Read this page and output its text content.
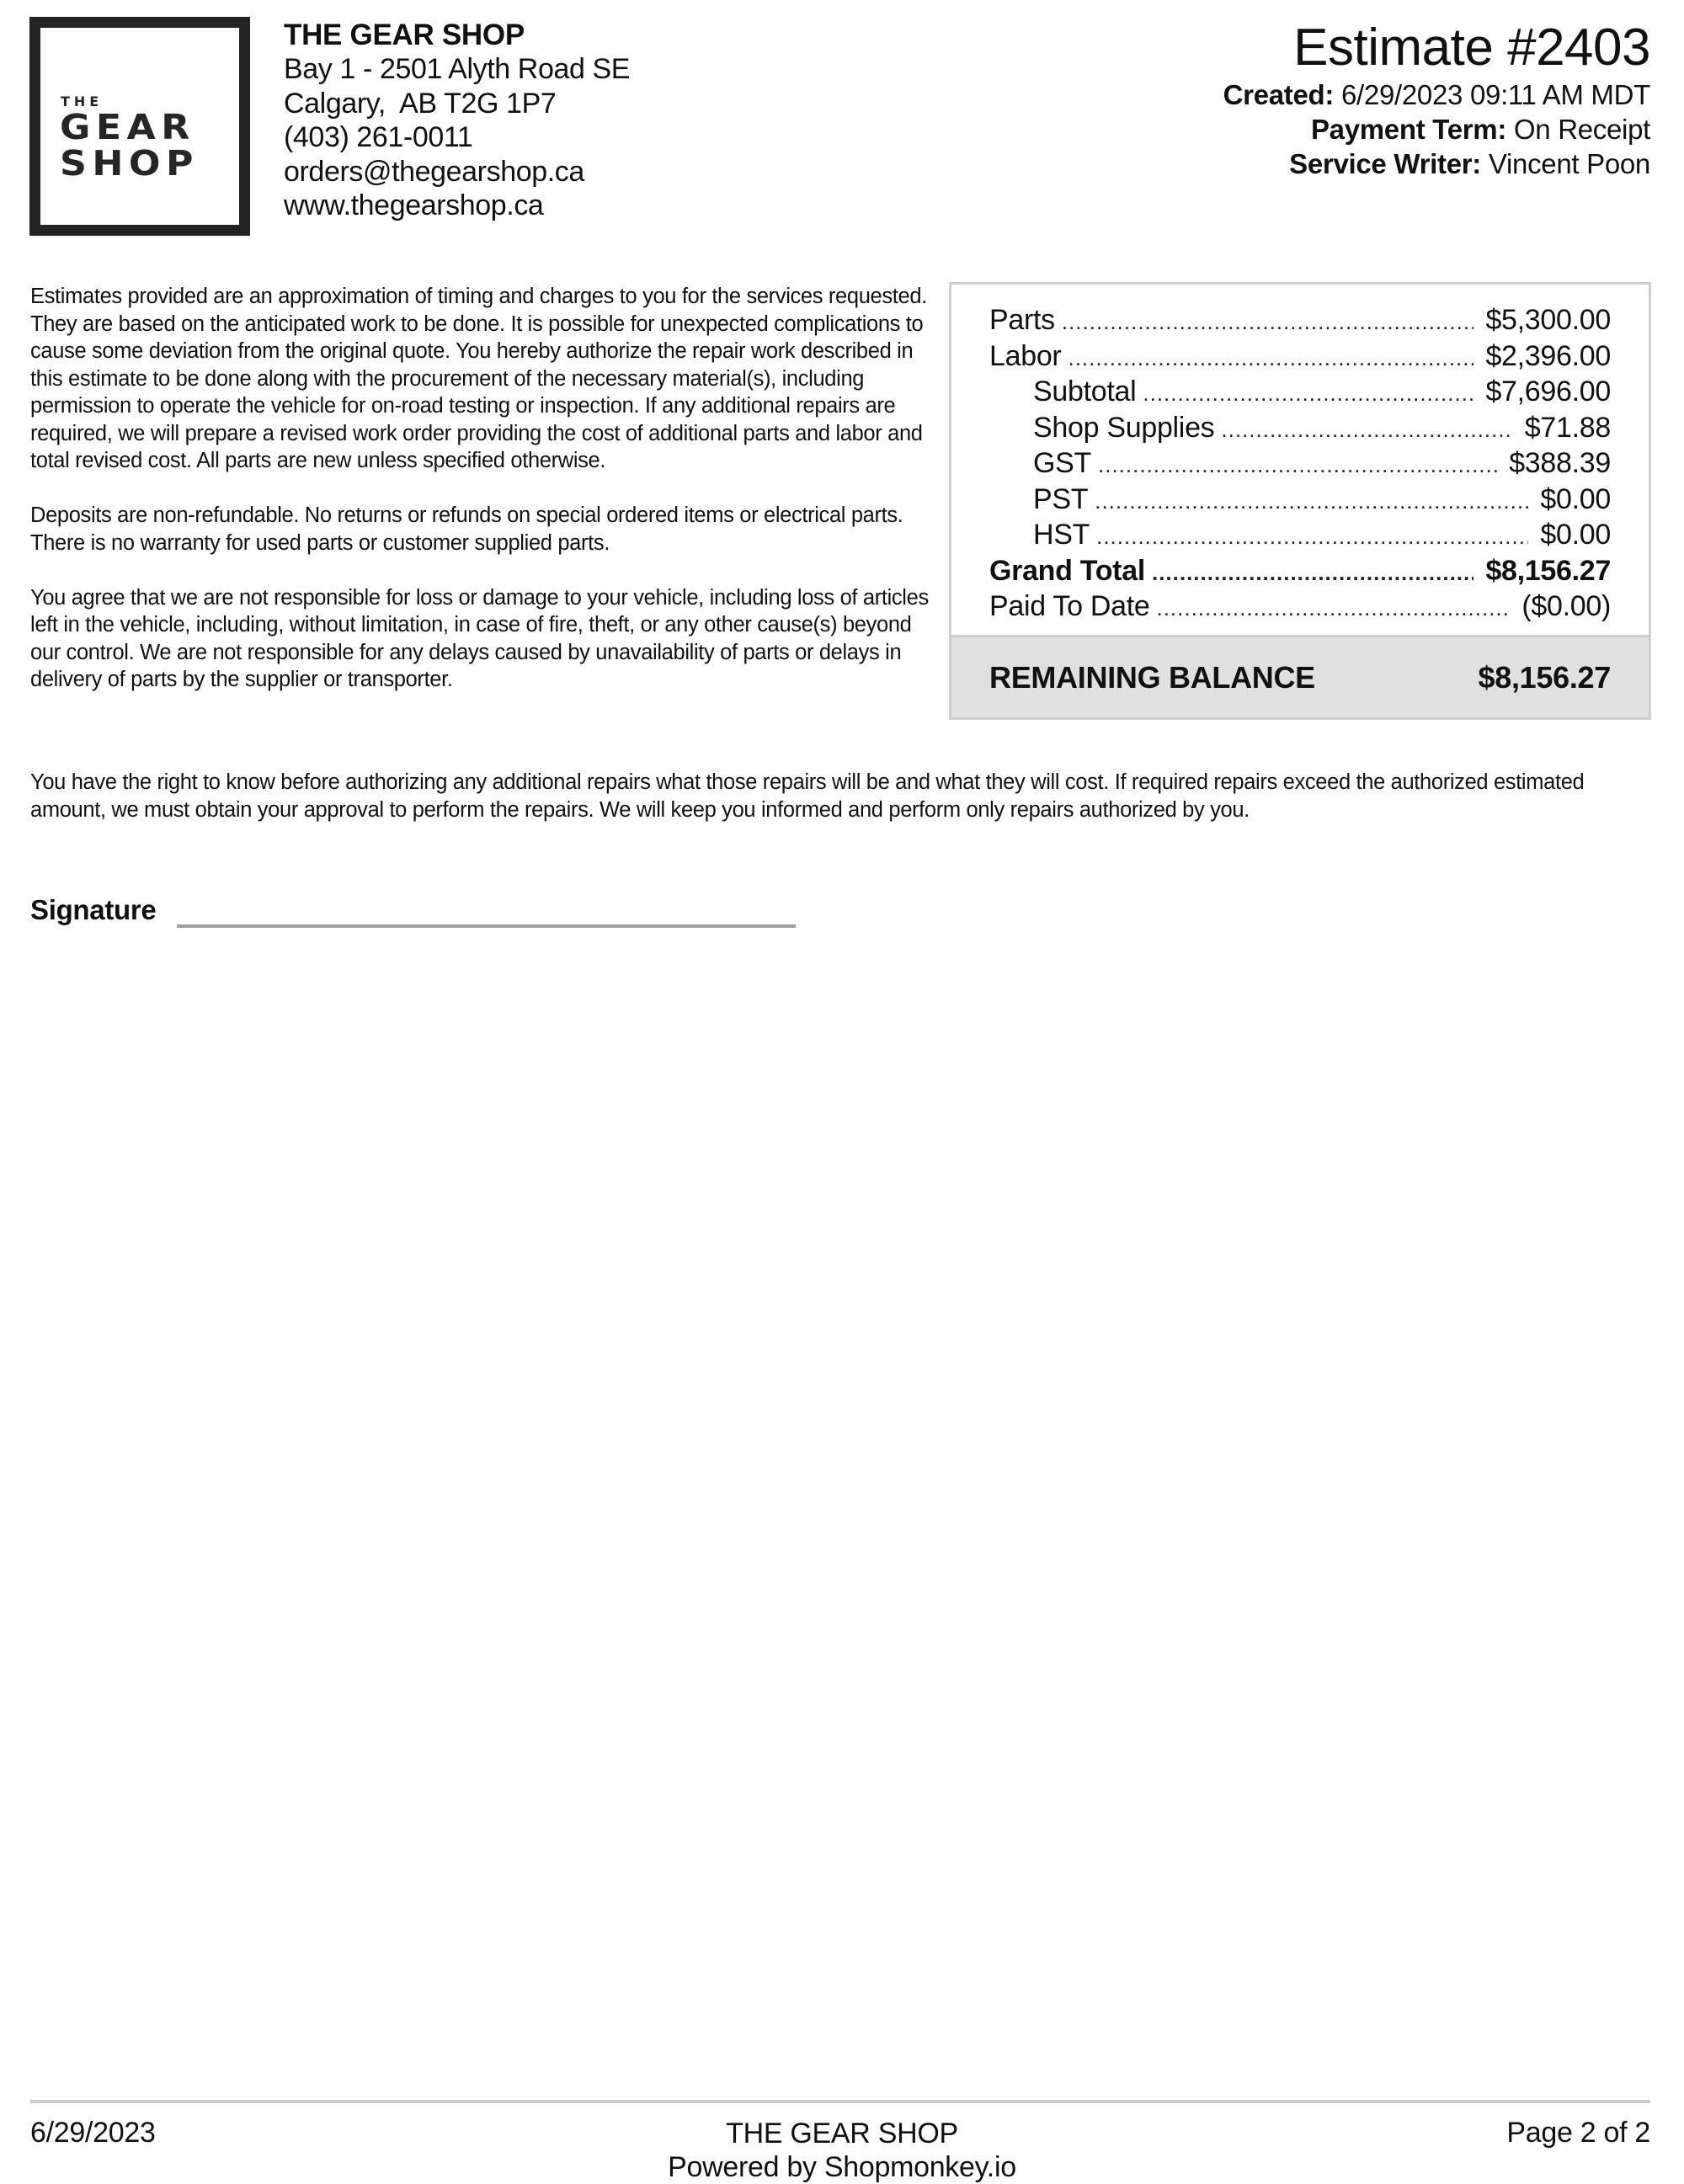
THE
GEAR
SHOP
THE GEAR SHOP
Bay 1 - 2501 Alyth Road SE
Calgary,  AB T2G 1P7
(403) 261-0011
orders@thegearshop.ca
www.thegearshop.ca
Estimate #2403
Created: 6/29/2023 09:11 AM MDT
Payment Term: On Receipt
Service Writer: Vincent Poon

Estimates provided are an approximation of timing and charges to you for the services requested. They are based on the anticipated work to be done. It is possible for unexpected complications to cause some deviation from the original quote. You hereby authorize the repair work described in this estimate to be done along with the procurement of the necessary material(s), including permission to operate the vehicle for on-road testing or inspection. If any additional repairs are required, we will prepare a revised work order providing the cost of additional parts and labor and total revised cost. All parts are new unless specified otherwise.

Deposits are non-refundable. No returns or refunds on special ordered items or electrical parts. There is no warranty for used parts or customer supplied parts.

You agree that we are not responsible for loss or damage to your vehicle, including loss of articles left in the vehicle, including, without limitation, in case of fire, theft, or any other cause(s) beyond our control. We are not responsible for any delays caused by unavailability of parts or delays in delivery of parts by the supplier or transporter.

Parts .....	$5,300.00
Labor .....	$2,396.00
Subtotal .....	$7,696.00
Shop Supplies .....	$71.88
GST .....	$388.39
PST .....	$0.00
HST .....	$0.00
Grand Total .....	$8,156.27
Paid To Date .....	($0.00)
REMAINING BALANCE	$8,156.27
You have the right to know before authorizing any additional repairs what those repairs will be and what they will cost. If required repairs exceed the authorized estimated amount, we must obtain your approval to perform the repairs. We will keep you informed and perform only repairs authorized by you.
Signature
6/29/2023	THE GEAR SHOP
Powered by Shopmonkey.io
Page 2 of 2
